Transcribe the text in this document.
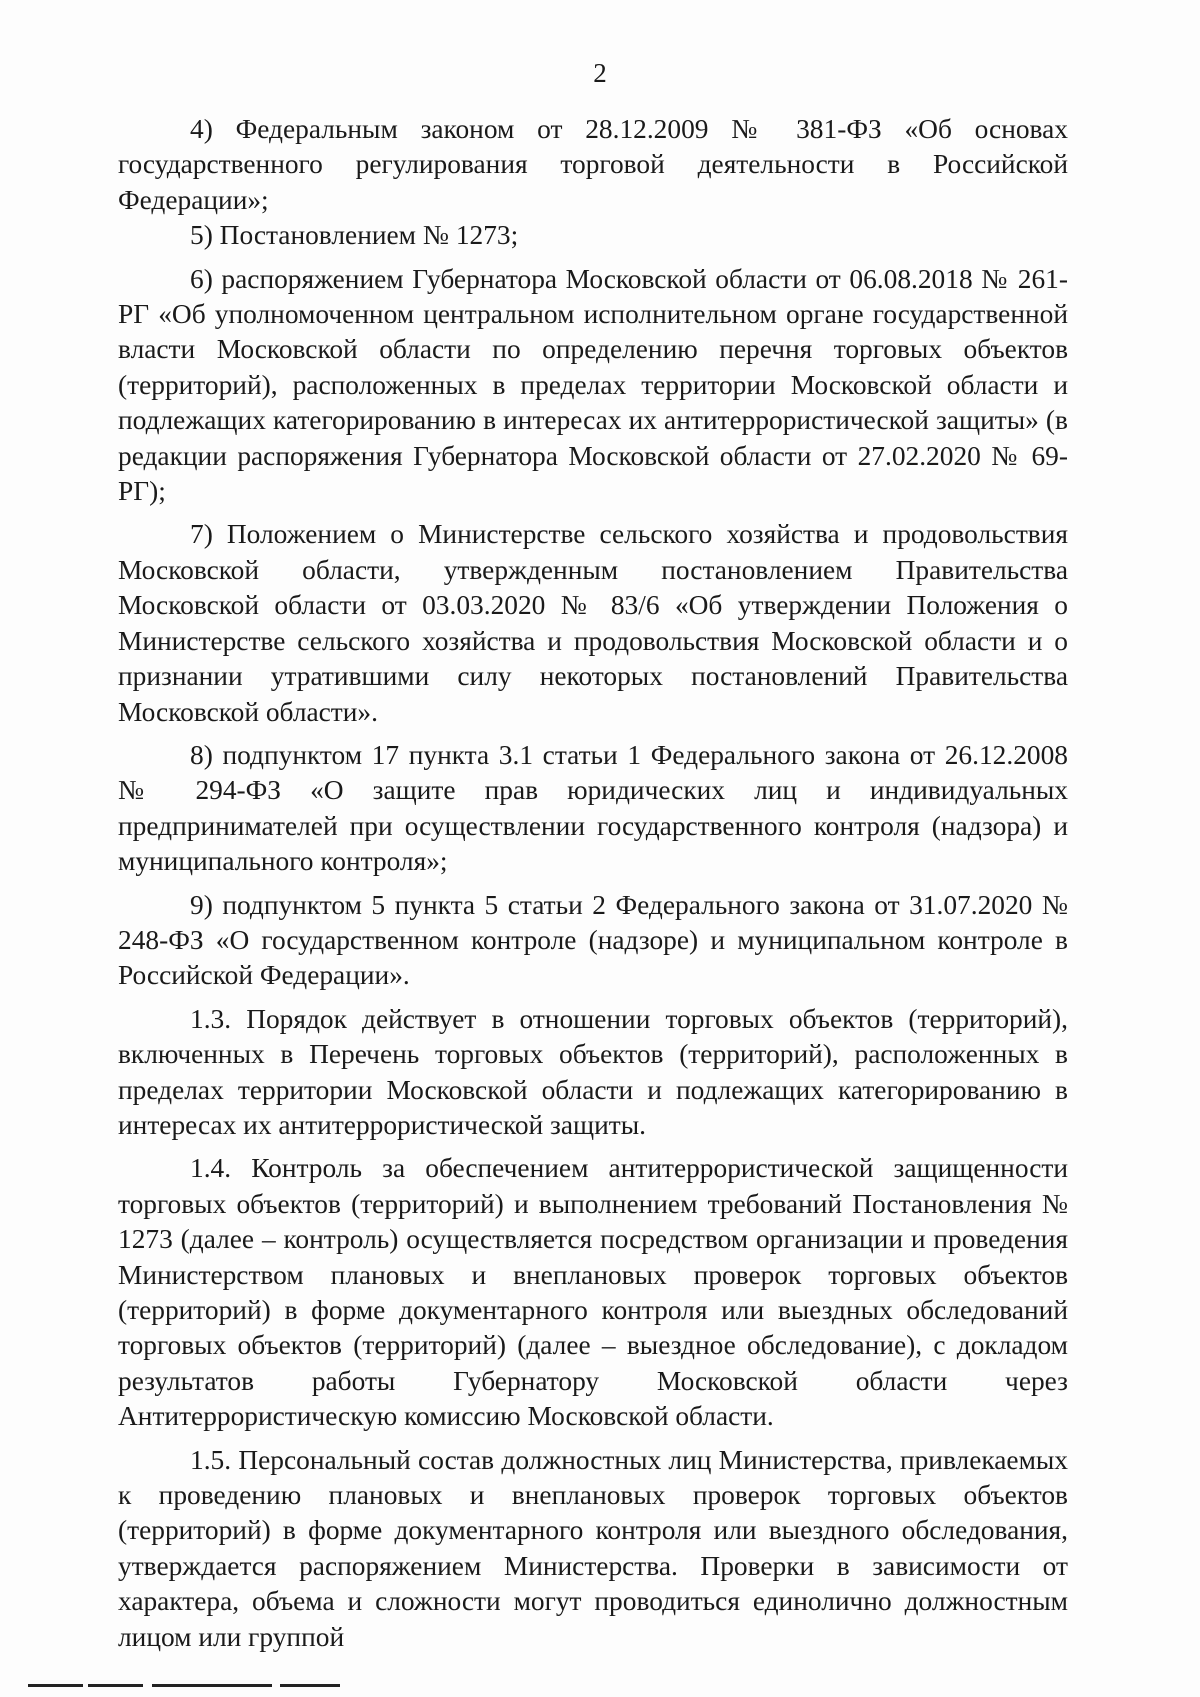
2

4) Федеральным законом от 28.12.2009 № 381-ФЗ «Об основах государственного регулирования торговой деятельности в Российской Федерации»;

5) Постановлением № 1273;

6) распоряжением Губернатора Московской области от 06.08.2018 № 261-РГ «Об уполномоченном центральном исполнительном органе государственной власти Московской области по определению перечня торговых объектов (территорий), расположенных в пределах территории Московской области и подлежащих категорированию в интересах их антитеррористической защиты» (в редакции распоряжения Губернатора Московской области от 27.02.2020 № 69-РГ);

7) Положением о Министерстве сельского хозяйства и продовольствия Московской области, утвержденным постановлением Правительства Московской области от 03.03.2020 № 83/6 «Об утверждении Положения о Министерстве сельского хозяйства и продовольствия Московской области и о признании утратившими силу некоторых постановлений Правительства Московской области».

8) подпунктом 17 пункта 3.1 статьи 1 Федерального закона от 26.12.2008 № 294-ФЗ «О защите прав юридических лиц и индивидуальных предпринимателей при осуществлении государственного контроля (надзора) и муниципального контроля»;

9) подпунктом 5 пункта 5 статьи 2 Федерального закона от 31.07.2020 № 248-ФЗ «О государственном контроле (надзоре) и муниципальном контроле в Российской Федерации».

1.3. Порядок действует в отношении торговых объектов (территорий), включенных в Перечень торговых объектов (территорий), расположенных в пределах территории Московской области и подлежащих категорированию в интересах их антитеррористической защиты.

1.4. Контроль за обеспечением антитеррористической защищенности торговых объектов (территорий) и выполнением требований Постановления № 1273 (далее – контроль) осуществляется посредством организации и проведения Министерством плановых и внеплановых проверок торговых объектов (территорий) в форме документарного контроля или выездных обследований торговых объектов (территорий) (далее – выездное обследование), с докладом результатов работы Губернатору Московской области через Антитеррористическую комиссию Московской области.

1.5. Персональный состав должностных лиц Министерства, привлекаемых к проведению плановых и внеплановых проверок торговых объектов (территорий) в форме документарного контроля или выездного обследования, утверждается распоряжением Министерства. Проверки в зависимости от характера, объема и сложности могут проводиться единолично должностным лицом или группой
